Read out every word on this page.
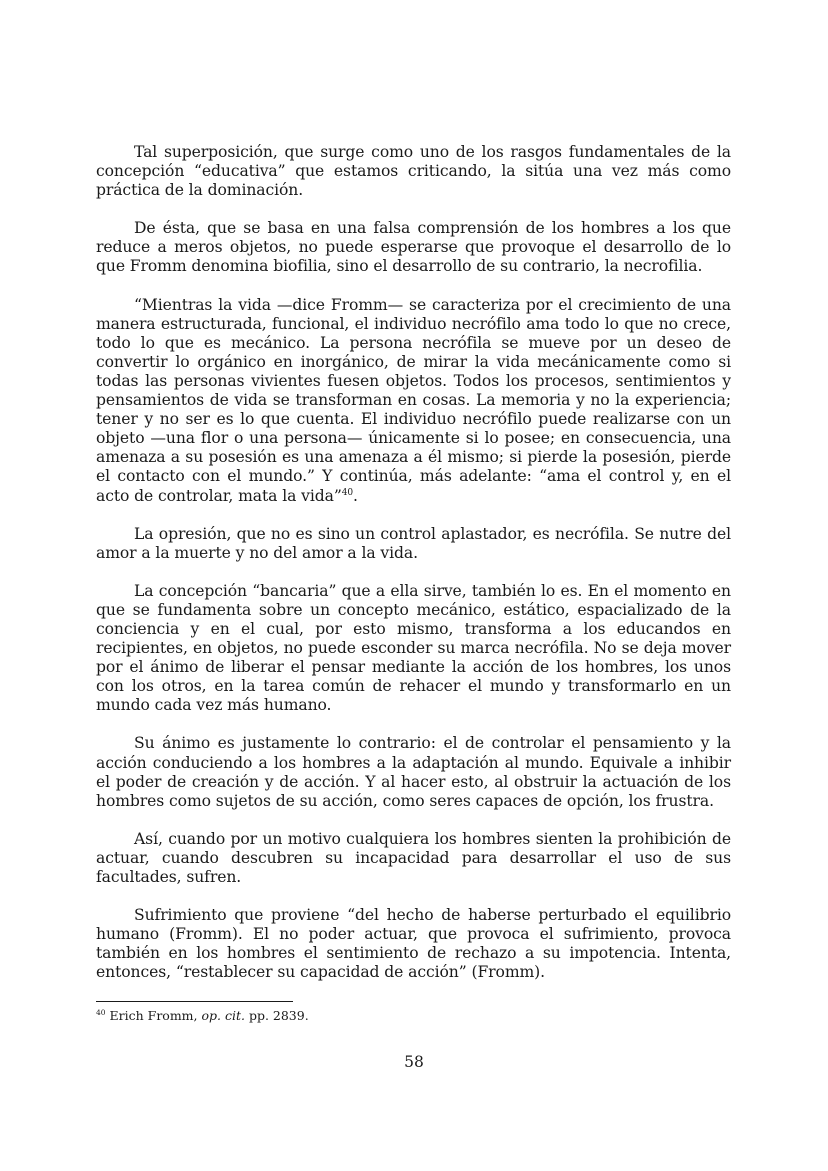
Tal superposición, que surge como uno de los rasgos fundamentales de la concepción “educativa” que estamos criticando, la sitúa una vez más como práctica de la dominación.

De ésta, que se basa en una falsa comprensión de los hombres a los que reduce a meros objetos, no puede esperarse que provoque el desarrollo de lo que Fromm denomina biofilia, sino el desarrollo de su contrario, la necrofilia.

“Mientras la vida —dice Fromm— se caracteriza por el crecimiento de una manera estructurada, funcional, el individuo necrófilo ama todo lo que no crece, todo lo que es mecánico. La persona necrófila se mueve por un deseo de convertir lo orgánico en inorgánico, de mirar la vida mecánicamente como si todas las personas vivientes fuesen objetos. Todos los procesos, sentimientos y pensamientos de vida se transforman en cosas. La memoria y no la experiencia; tener y no ser es lo que cuenta. El individuo necrófilo puede realizarse con un objeto —una flor o una persona— únicamente si lo posee; en consecuencia, una amenaza a su posesión es una amenaza a él mismo; si pierde la posesión, pierde el contacto con el mundo.” Y continúa, más adelante: “ama el control y, en el acto de controlar, mata la vida”$^{40}$.

La opresión, que no es sino un control aplastador, es necrófila. Se nutre del amor a la muerte y no del amor a la vida.

La concepción “bancaria” que a ella sirve, también lo es. En el momento en que se fundamenta sobre un concepto mecánico, estático, espacializado de la conciencia y en el cual, por esto mismo, transforma a los educandos en recipientes, en objetos, no puede esconder su marca necrófila. No se deja mover por el ánimo de liberar el pensar mediante la acción de los hombres, los unos con los otros, en la tarea común de rehacer el mundo y transformarlo en un mundo cada vez más humano.

Su ánimo es justamente lo contrario: el de controlar el pensamiento y la acción conduciendo a los hombres a la adaptación al mundo. Equivale a inhibir el poder de creación y de acción. Y al hacer esto, al obstruir la actuación de los hombres como sujetos de su acción, como seres capaces de opción, los frustra.

Así, cuando por un motivo cualquiera los hombres sienten la prohibición de actuar, cuando descubren su incapacidad para desarrollar el uso de sus facultades, sufren.

Sufrimiento que proviene “del hecho de haberse perturbado el equilibrio humano (Fromm). El no poder actuar, que provoca el sufrimiento, provoca también en los hombres el sentimiento de rechazo a su impotencia. Intenta, entonces, “restablecer su capacidad de acción” (Fromm).

$^{40}$ Erich Fromm, op. cit. pp. 2839.
58
